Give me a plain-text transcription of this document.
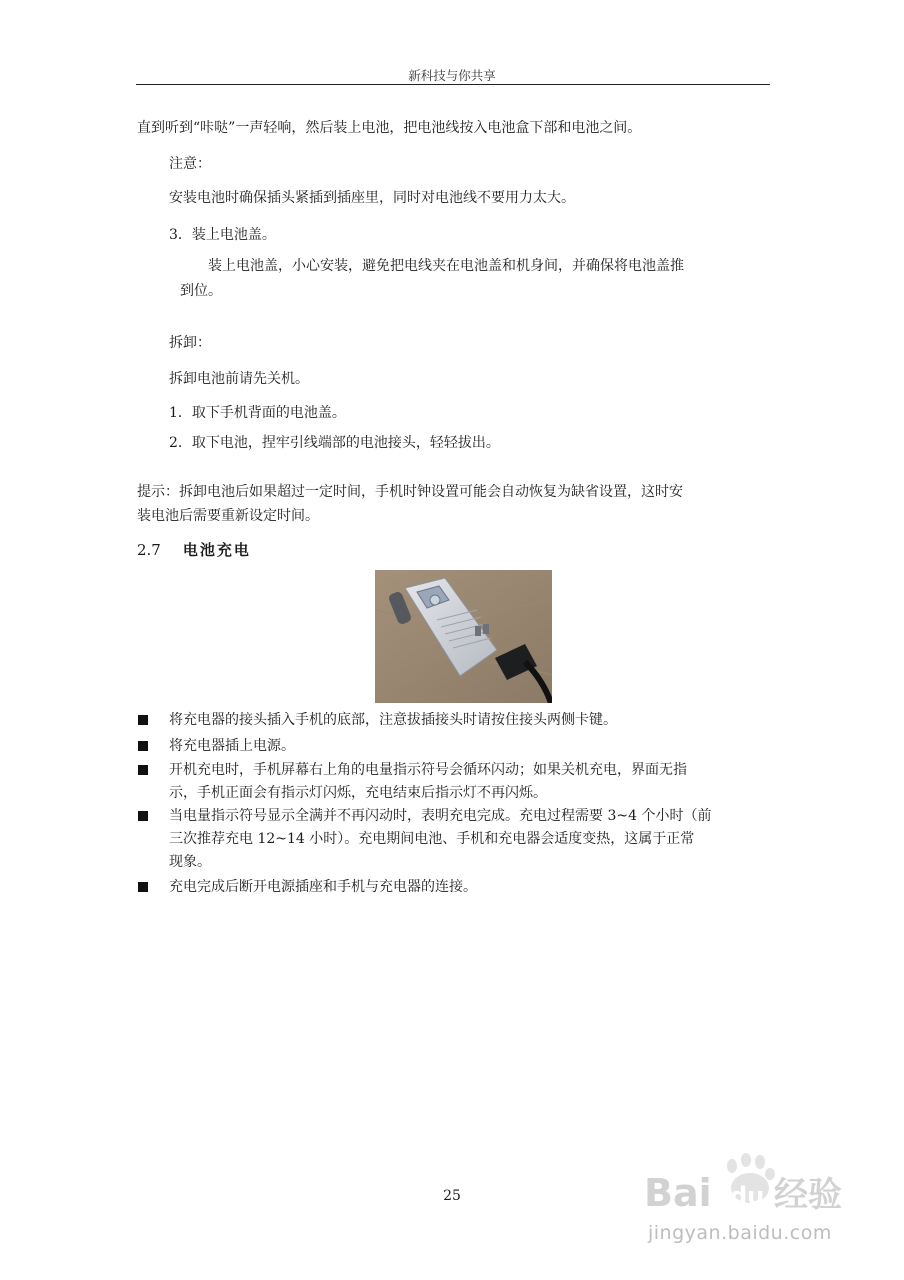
新科技与你共享
直到听到“咔哒”一声轻响，然后装上电池，把电池线按入电池盒下部和电池之间。
注意：
安装电池时确保插头紧插到插座里，同时对电池线不要用力太大。
3．装上电池盖。
装上电池盖，小心安装，避免把电线夹在电池盖和机身间，并确保将电池盖推
到位。
拆卸：
拆卸电池前请先关机。
1．取下手机背面的电池盖。
2．取下电池，捏牢引线端部的电池接头，轻轻拔出。
提示：拆卸电池后如果超过一定时间，手机时钟设置可能会自动恢复为缺省设置，这时安
装电池后需要重新设定时间。
2.7 电池充电
将充电器的接头插入手机的底部，注意拔插接头时请按住接头两侧卡键。
将充电器插上电源。
开机充电时，手机屏幕右上角的电量指示符号会循环闪动；如果关机充电，界面无指
示，手机正面会有指示灯闪烁，充电结束后指示灯不再闪烁。
当电量指示符号显示全满并不再闪动时，表明充电完成。充电过程需要 3~4 个小时（前
三次推荐充电 12~14 小时）。充电期间电池、手机和充电器会适度变热，这属于正常
现象。
充电完成后断开电源插座和手机与充电器的连接。
25	Bai du 经验
jingyan.baidu.com
